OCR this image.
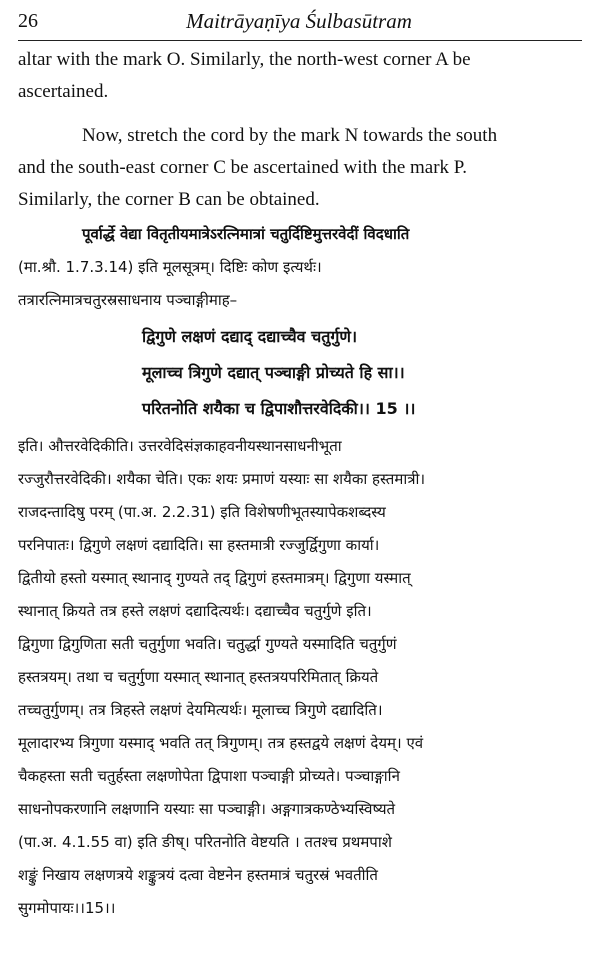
26	Maitrāyaṇīya Śulbasūtram
altar with the mark O. Similarly, the north-west corner A be
ascertained.
Now, stretch the cord by the mark N towards the south
and the south-east corner C be ascertained with the mark P.
Similarly, the corner B can be obtained.
पूर्वार्द्धे वेद्या वितृतीयमात्रेऽरत्निमात्रां चतुर्दिष्टिमुत्तरवेदीं विदधाति
(मा.श्रौ. 1.7.3.14) इति मूलसूत्रम्। दिष्टिः कोण इत्यर्थः।
तत्रारत्निमात्रचतुरस्रसाधनाय पञ्चाङ्गीमाह–
द्विगुणे लक्षणं दद्याद् दद्याच्चैव चतुर्गुणे।
मूलाच्च त्रिगुणे दद्यात् पञ्चाङ्गी प्रोच्यते हि सा।।
परितनोति शयैका च द्विपाशौत्तरवेदिकी।। 15 ।।
इति। औत्तरवेदिकीति। उत्तरवेदिसंज्ञकाहवनीयस्थानसाधनीभूता
रज्जुरौत्तरवेदिकी। शयैका चेति। एकः शयः प्रमाणं यस्याः सा शयैका हस्तमात्री।
राजदन्तादिषु परम् (पा.अ. 2.2.31) इति विशेषणीभूतस्यापेकशब्दस्य
परनिपातः। द्विगुणे लक्षणं दद्यादिति। सा हस्तमात्री रज्जुर्द्विगुणा कार्या।
द्वितीयो हस्तो यस्मात् स्थानाद् गुण्यते तद् द्विगुणं हस्तमात्रम्। द्विगुणा यस्मात्
स्थानात् क्रियते तत्र हस्ते लक्षणं दद्यादित्यर्थः। दद्याच्चैव चतुर्गुणे इति।
द्विगुणा द्विगुणिता सती चतुर्गुणा भवति। चतुर्द्धा गुण्यते यस्मादिति चतुर्गुणं
हस्तत्रयम्। तथा च चतुर्गुणा यस्मात् स्थानात् हस्तत्रयपरिमितात् क्रियते
तच्चतुर्गुणम्। तत्र त्रिहस्ते लक्षणं देयमित्यर्थः। मूलाच्च त्रिगुणे दद्यादिति।
मूलादारभ्य त्रिगुणा यस्माद् भवति तत् त्रिगुणम्। तत्र हस्तद्वये लक्षणं देयम्। एवं
चैकहस्ता सती चतुर्हस्ता लक्षणोपेता द्विपाशा पञ्चाङ्गी प्रोच्यते। पञ्चाङ्गानि
साधनोपकरणानि लक्षणानि यस्याः सा पञ्चाङ्गी। अङ्गगात्रकण्ठेभ्यस्विष्यते
(पा.अ. 4.1.55 वा) इति ङीष्। परितनोति वेष्टयति । ततश्च प्रथमपाशे
शङ्कुं निखाय लक्षणत्रये शङ्कुत्रयं दत्वा वेष्टनेन हस्तमात्रं चतुरस्रं भवतीति
सुगमोपायः।।15।।
